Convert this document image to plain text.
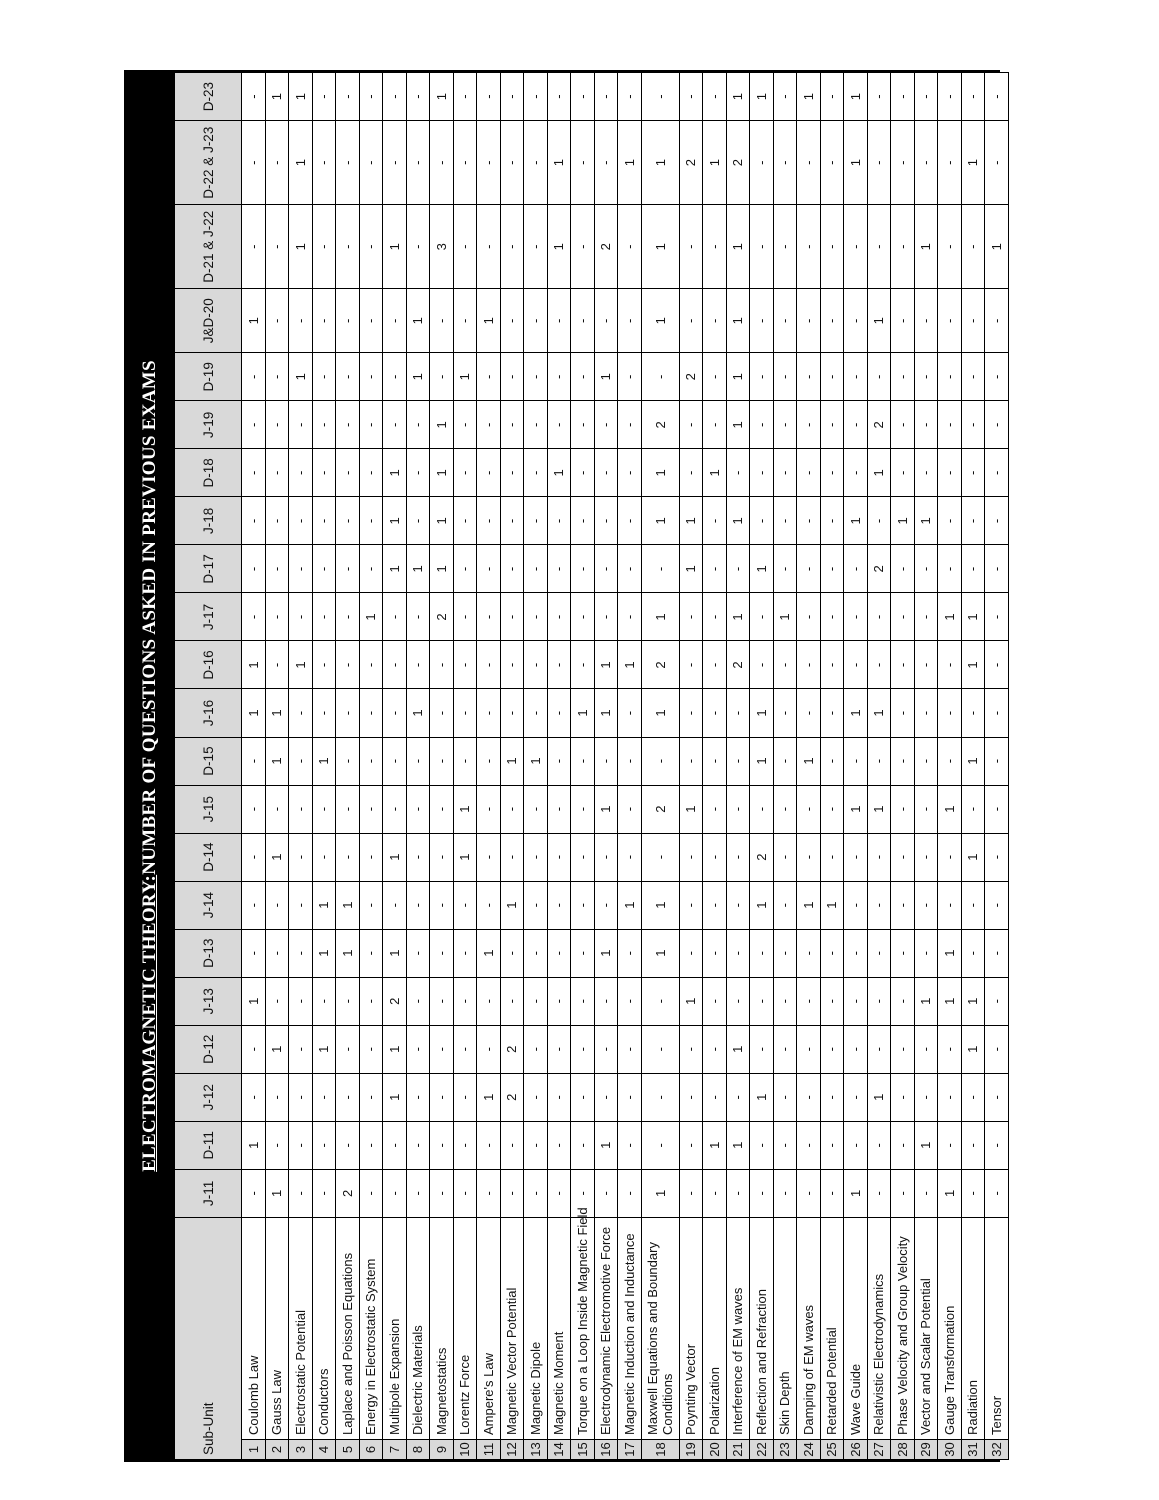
ELECTROMAGNETIC THEORY:
NUMBER OF QUESTIONS ASKED IN PREVIOUS EXAMS
Sub-Unit		J-11	D-11	J-12	D-12	J-13	D-13	J-14	D-14	J-15	D-15	J-16	D-16	J-17	D-17	J-18	D-18	J-19	D-19	J&D-20	D-21 & J-22	D-22 & J-23	D-23
1	Coulomb Law	-	1	-	-	1	-	-	-	-	-	1	1	-	-	-	-	-	-	1	-	-	-
2	Gauss Law	1	-	-	1	-	-	-	1	-	1	1	-	-	-	-	-	-	-	-	-	-	1
3	Electrostatic Potential	-	-	-	-	-	-	-	-	-	-	-	1	-	-	-	-	-	1	-	1	1	1
4	Conductors	-	-	-	1	-	1	1	-	-	1	-	-	-	-	-	-	-	-	-	-	-	-
5	Laplace and Poisson Equations	2	-	-	-	-	1	1	-	-	-	-	-	-	-	-	-	-	-	-	-	-	-
6	Energy in Electrostatic System	-	-	-	-	-	-	-	-	-	-	-	-	1	-	-	-	-	-	-	-	-	-
7	Multipole Expansion	-	-	1	1	2	1	-	1	-	-	-	-	-	1	1	1	-	-	-	1	-	-
8	Dielectric Materials	-	-	-	-	-	-	-	-	-	-	1	-	-	1	-	-	-	1	1	-	-	-
9	Magnetostatics	-	-	-	-	-	-	-	-	-	-	-	-	2	1	1	1	1	-	-	3	-	1
10	Lorentz Force	-	-	-	-	-	-	-	1	1	-	-	-	-	-	-	-	-	1	-	-	-	-
11	Ampere's Law	-	-	1	-	-	1	-	-	-	-	-	-	-	-	-	-	-	-	1	-	-	-
12	Magnetic Vector Potential	-	-	2	2	-	-	1	-	-	1	-	-	-	-	-	-	-	-	-	-	-	-
13	Magnetic Dipole	-	-	-	-	-	-	-	-	-	1	-	-	-	-	-	-	-	-	-	-	-	-
14	Magnetic Moment	-	-	-	-	-	-	-	-	-	-	-	-	-	-	-	1	-	-	-	1	1	-
15	Torque on a Loop Inside Magnetic Field	-	-	-	-	-	-	-	-	-	-	1	-	-	-	-	-	-	-	-	-	-	-
16	Electrodynamic Electromotive Force	-	1	-	-	-	1	-	-	1	-	1	1	-	-	-	-	-	1	-	2	-	-
17	Magnetic Induction and Inductance	-	-	-	-	-	-	1	-	-	-	-	1	-	-	-	-	-	-	-	-	1	-
18	Maxwell Equations and Boundary Conditions	1	-	-	-	-	1	1	-	2	-	1	2	1	-	1	1	2	-	1	1	1	-
19	Poynting Vector	-	-	-	-	1	-	-	-	1	-	-	-	-	1	1	-	-	2	-	-	2	-
20	Polarization	-	1	-	-	-	-	-	-	-	-	-	-	-	-	-	1	-	-	-	-	1	-
21	Interference of EM waves	-	1	-	1	-	-	-	-	-	-	-	2	1	-	1	-	1	1	1	1	2	1
22	Reflection and Refraction	-	-	1	-	-	-	1	2	-	1	1	-	-	1	-	-	-	-	-	-	-	1
23	Skin Depth	-	-	-	-	-	-	-	-	-	-	-	-	1	-	-	-	-	-	-	-	-	-
24	Damping of EM waves	-	-	-	-	-	-	1	-	-	1	-	-	-	-	-	-	-	-	-	-	-	1
25	Retarded Potential	-	-	-	-	-	-	1	-	-	-	-	-	-	-	-	-	-	-	-	-	-	-
26	Wave Guide	1	-	-	-	-	-	-	-	1	-	1	-	-	-	1	-	-	-	-	-	1	1
27	Relativistic Electrodynamics	-	-	1	-	-	-	-	-	1	-	1	-	-	2	-	1	2	-	1	-	-	-
28	Phase Velocity and Group Velocity	-	-	-	-	-	-	-	-	-	-	-	-	-	-	1	-	-	-	-	-	-	-
29	Vector and Scalar Potential	-	1	-	-	1	-	-	-	-	-	-	-	-	-	1	-	-	-	-	1	-	-
30	Gauge Transformation	1	-	-	-	1	1	-	-	1	-	-	-	1	-	-	-	-	-	-	-	-	-
31	Radiation	-	-	-	1	1	-	-	1	-	1	-	1	1	-	-	-	-	-	-	-	1	-
32	Tensor	-	-	-	-	-	-	-	-	-	-	-	-	-	-	-	-	-	-	-	1	-	-
